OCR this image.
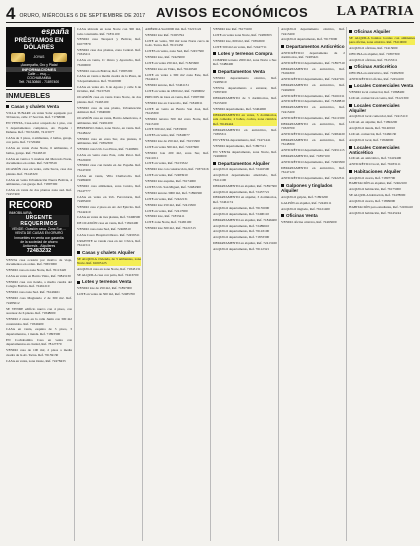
4 ORURO, MIÉRCOLES 6 DE SEPTIEMBRE DE 2017 AVISOS ECONÓMICOS LA PATRIA
españa
PRÉSTAMOS EN DÓLARES
JOYAS
¡Acompaña, Oro y Plata!
INFORMACIONES
Calle ... esq. ...
COCHABAMBA
Telf. 76130860 - 71897400
INMUEBLES
Casas y chalets Venta
VILLA TUNARI: en venta Solar equipado por 30 bancas, calle 17 Sección. Ref. 71768096
EN VENTA, Casa-solar ocupado de 1 piso, con 3 departamentos completos, Av. España / Dehene. Ref.: 76152465, 74115077
CASA de 3 pisos, 4 ambientes, 2 baños, garaje, con patio. Ref. 71720462
CASA en venta Zona Norte, 6 ambientes, 2 baños, garaje. Ref. 76146310
CASA en venta a 3 cuadras del Mercado Norte, documentos en orden. Ref. 72478316
OCASIÓN casa en venta, calle Sucre, casa dos plantas. Ref. 76143320
CASA en venta Urbanización Nueva Bolivia, 4 ambientes, con garaje. Ref. 71897300
CASA en venta de dos plantas zona sud. Ref. 72457400
RECORD
INMOBILIARIA
URGENTE REQUERIMOS
VENDE: Ocasión casa, Zona Sur, ...
VENTA DE CASAS EN ORURO
Inmuebles en venta con garantía
de la sociedad de ahorro
Anticresis - Alquileres
72483232
VENTA casa ocasión por motivo de viaje, documentos en orden. Ref. 70653000
VENDO casa en zona Norte, Ref. 76113420
CASA en venta en Barrio Vinto, Ref. 70843130
VENDO casa con tienda, a media cuadra del Colegio Bolivia. Ref. 72461210
VENDO casa zona Sud. Ref. 76149461
VENDO casa Magisterio 2 de 300 m2. Ref. 72483012
SE VENDE edificio nuevo con 4 pisos, con ascensor de 6 plazas. Ref. 71848000
VENDO 2 casas en la calle Junín con 300 m2 construidos. Ref. 71840400
CASA en venta, esquina de 3 pisos, 3 departamentos, 1 tienda. Ref. 71893300
EN Cochabamba Casa en venta con departamentos en ciudad, Ref. 78127370
VENDO casa de 100 m2, 2 pisos a media cuadra de la Av. Tacna. Ref. 76159130
CASA en venta, zona Oeste, Ref. 72478433
CASA ubicada en zona Norte con 300 m2, toda construida. Ref. 71831100
VENDO casa Tarapacá y Bolivar, Ref. 61077879
VENDO casa dos plantas, zona Central. Ref. 71843211
CASA en venta, C/ Oruro y Ayacucho, Ref. 76160000
VENDO casa en Bolívar, Ref. 71897200
CASA en venta a media cuadra de la Plaza, de 3 departamentos. Ref. 70410000
CASA en venta Av. 6 de Agosto y calle 6 de Octubre, Ref. 76137329
OCASIÓN casa en venta Zona Norte, de dos plantas. Ref. 72463100
VENDO casa de una planta, Urbanización Amistad. Ref. 71840600
OCASIÓN casa en venta, Barrio Americano, 4 ambientes. Ref. 72491200
HERMOSO chalet, zona Norte, en venta. Ref. 76148222
VENDO casa en zona Sur, dos plantas, 6 ambientes. Ref. 71892300
VENDO casa Urb. Los Pinos, Ref. 71469901
CASA en venta zona Este, calle Petot. Ref. 78120200
VENDO casa con tienda en Av. España. Ref. 76147200
CASA en venta, Villa Challacollo. Ref. 72489400
VENDO casa ambientes, zona Centro, Ref. 76147777
CASA en venta en Urb. Ferroviaria, Ref. 72483200
VENDO casa 2 pisos en Av. del Ejército. Ref. 76142410
CASA en venta de tres plantas, Ref. 72496500
DE OCASIÓN casa en venta, Ref. 71822400
VENDO casa zona Sud, Ref. 72468310
CASA Cosco Hospital Obrero. Ref. 72459311
URGENTE se vende casa en Av. Cívica, Ref. 76141511
Casas y chalets Alquiler
SE ALQUILA vivienda, de 3 ambientes, zona Norte. Ref. 61005125
ALQUILO casa en zona Norte, Ref. 71843131
SE ALQUILA casa con patio, Ref. 72416700
Lotes y terrenos Venta
VENDO lote de 250 m2, Ref. 71897000
LOTE en venta de 300 m2, Ref. 72485700
AMÉRICA Sud 6000 m2. Ref. 72215122
VENDO lote Ref. 71065794
LOTE en venta, 350 m2 zona Norte cerca de la Av. Tacna. Ref. 76115450
LOTES en venta, zona Sud, Ref. 72457300
VENDO lote, Ref. 72425000
LOTE en venta 250 m2, Ref. 71825600
VENDO lote en Vinto, Ref. 76126520
LOTE en venta a 300 m2 zona Este, Ref. 76144211
VENDO terreno, Ref. 72461131
LOTE en venta de 1800 m2, Ref. 72480002
PRECIOS de lotes en venta, Ref. 71897360
VENDO lote en Caracollo, Ref. 71840011
LOTE en venta en Barrio San José, Ref. 76143300
VENDO terreno 500 m2 zona Norte, Ref. 72413100
LOTE 500 m2, Ref. 71833000
LOTES en venta, Ref. 71840077
VENDO lote de 250 m2, Ref. 76153300
LOTE en venta 300 m2, Ref. 72437600
VENDO lote 200 m2, zona Sur, Ref. 72411011
LOTE en venta, Ref. 76133322
VENDO lote con construcción, Ref. 71871616
LOTE en venta, Ref. 72483910
VENDO lote esquina, Ref. 76174000
LOTES Urb. San Miguel, Ref. 72484300
VENDO terreno 3000 m2, Ref. 71896300
LOTE en venta, Ref. 72422131
VENDO lote 250 m2, Ref. 72413300
LOTE en venta, Ref. 72417000
VENDO lote, Ref. 71833411
LOTE zona Norte, Ref. 72465100
VENDO lote 300 m2, Ref. 76121515
VENDO lote Ref. 76173100
LOTE en venta zona Norte, Ref. 72480303
VENDO lote, 600 m2, Ref. 71894500
LOTE 500 m2 en venta, Ref. 72447711
Lotes y terrenos Compra
COMPRO terreno 2000 m2, zona Norte o Sur. Ref. 72486400
Departamentos Venta
VENDO departamento céntrico, Ref. 72483010
VENTA departamento a estrenar, Ref. 71897400
DEPARTAMENTO de 3 dormitorios, Ref. 76153200
VENDO departamento, Ref. 72464000
DEPARTAMENTO en venta, 3 dormitorios, sala comedor, 2 baños, cocina, zona céntrica. Ref. 76149444
DEPARTAMENTO en anticrético, Ref. 71893311
EN VENTA departamento, Ref. 72471441
VENDO departamento, Ref. 71897311
EN VENTA departamento, zona Norte, Ref. 72460000
Departamentos Alquiler
ALQUILO departamento, Ref. 72416500
ALQUILO departamento amoblado, Ref. 76111100
DEPARTAMENTO en alquiler, Ref. 71897300
ALQUILO departamento, Ref. 72457721
DEPARTAMENTO en alquiler, 3 dormitorios, Ref. 72461174
ALQUILO departamento, Ref. 76155000
ALQUILO departamento, Ref. 72490110
DEPARTAMENTO en alquiler, Ref. 71846400
ALQUILO departamento, Ref. 72489610
ALQUILO departamento, Ref. 76143100
ALQUILO departamento, Ref. 71833300
DEPARTAMENTO en alquiler, Ref. 72413160
ALQUILO departamento, Ref. 76112321
ALQUILO departamento céntrico, Ref. 72413200
ALQUILO departamento, Ref. 76173000
Departamentos Anticrético
ANTICRÉTICO departamento de 2 dormitorios, Ref. 72483421
ANTICRÉTICO departamento, Ref. 71897510
DEPARTAMENTO en anticrético, Ref. 76164300
ANTICRÉTICO departamento, Ref. 72447101
DEPARTAMENTO en anticrético, Ref. 72462600
ANTICRÉTICO departamento, Ref. 76161011
ANTICRÉTICO departamento, Ref. 71848810
DEPARTAMENTO en anticrético, Ref. 72415200
ANTICRÉTICO departamento, Ref. 76111500
DEPARTAMENTO en anticrético, Ref. 71820700
ANTICRÉTICO departamento, Ref. 72484220
DEPARTAMENTO en anticrético, Ref. 76148300
ANTICRÉTICO departamento, Ref. 72451113
DEPARTAMENTO, Ref. 71897100
ANTICRÉTICO departamento, Ref. 72463300
DEPARTAMENTO en anticrético, Ref. 76147120
ANTICRÉTICO departamento, Ref. 72422311
Galpones y tinglados Alquiler
ALQUILO galpón, Ref. 71893200
GALPÓN en alquiler, Ref. 72449111
ALQUILO tinglado, Ref. 76121400
Oficinas Venta
VENDO oficina céntrica, Ref. 72463000
Oficinas Alquiler
SE ALQUILA bonitos locales con ambientes para oficina, zona céntrica. Ref. 76110000
ALQUILO oficinas, Ref. 72413000
OFICINA en alquiler, Ref. 71897300
ALQUILO oficinas, Ref. 76153311
Oficinas Anticrético
OFICINA en anticrético, Ref. 72482300
ANTICRÉTICO oficina, Ref. 72454100
Locales Comerciales Venta
VENDO local comercial, Ref. 71868400
LOCAL comercial en venta, Ref. 76121300
Locales Comerciales Alquiler
ALQUILO local comercial, Ref. 72413110
LOCAL en alquiler, Ref. 71892200
ALQUILO tienda, Ref. 76140010
LOCAL comercial, Ref. 72460130
ALQUILO local, Ref. 71849000
Locales Comerciales Anticrético
LOCAL en anticrético, Ref. 72419400
ANTICRÉTICO local, Ref. 76183111
Habitaciones Alquiler
ALQUILO cuarto, Ref. 71897700
HABITACIÓN en alquiler, Ref. 72462100
ALQUILO habitación, Ref. 76175000
SE ALQUILA habitación, Ref. 72478000
ALQUILO cuarto, Ref. 71899000
HABITACIÓN para estudiante, Ref. 72456410
ALQUILO habitación, Ref. 76145244
